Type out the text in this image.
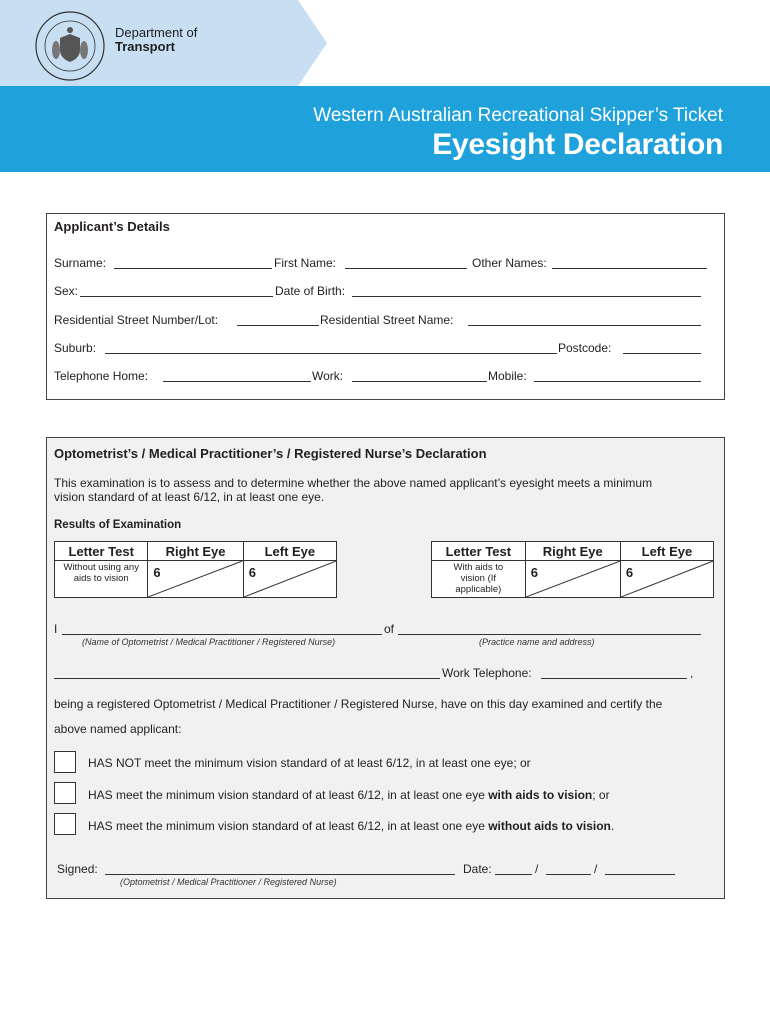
Department of
Transport
Western Australian Recreational Skipper’s Ticket
Eyesight Declaration
Applicant’s Details
Surname:	First Name:	Other Names:
Sex:	Date of Birth:
Residential Street Number/Lot:	Residential Street Name:
Suburb:	Postcode:
Telephone Home:	Work:	Mobile:
Optometrist’s / Medical Practitioner’s / Registered Nurse’s Declaration
This examination is to assess and to determine whether the above named applicant’s eyesight meets a minimum
vision standard of at least 6/12, in at least one eye.
Results of Examination
Letter Test	Right Eye	Left Eye
Without using any aids to vision	6	6
Letter Test	Right Eye	Left Eye
With aids to vision (If applicable)	6	6
I	of
(Name of Optometrist / Medical Practitioner / Registered Nurse)	(Practice name and address)
Work Telephone:	,
being a registered Optometrist / Medical Practitioner / Registered Nurse, have on this day examined and certify the
above named applicant:
HAS NOT meet the minimum vision standard of at least 6/12, in at least one eye; or
HAS meet the minimum vision standard of at least 6/12, in at least one eye with aids to vision; or
HAS meet the minimum vision standard of at least 6/12, in at least one eye without aids to vision.
Signed:
(Optometrist / Medical Practitioner / Registered Nurse)
Date:	/	/
